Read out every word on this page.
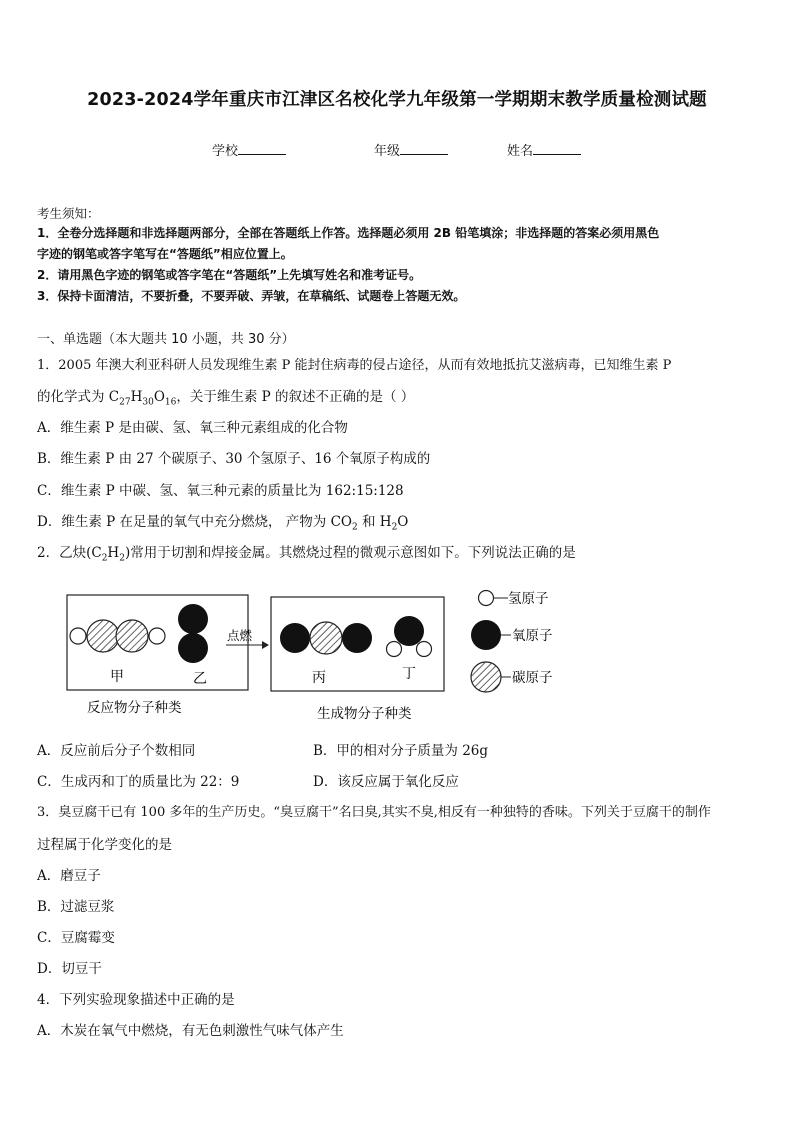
2023-2024学年重庆市江津区名校化学九年级第一学期期末教学质量检测试题
学校	年级	姓名
考生须知：
1．全卷分选择题和非选择题两部分，全部在答题纸上作答。选择题必须用 2B 铅笔填涂；非选择题的答案必须用黑色
字迹的钢笔或答字笔写在“答题纸”相应位置上。
2．请用黑色字迹的钢笔或答字笔在“答题纸”上先填写姓名和准考证号。
3．保持卡面清洁，不要折叠，不要弄破、弄皱，在草稿纸、试题卷上答题无效。
一、单选题（本大题共 10 小题，共 30 分）
1．2005 年澳大利亚科研人员发现维生素 P 能封住病毒的侵占途径，从而有效地抵抗艾滋病毒，已知维生素 P
的化学式为 $C_{27}H_{30}O_{16}$，关于维生素 P 的叙述不正确的是（ ）
A．维生素 P 是由碳、氢、氧三种元素组成的化合物
B．维生素 P 由 27 个碳原子、30 个氢原子、16 个氧原子构成的
C．维生素 P 中碳、氢、氧三种元素的质量比为 162:15:128
D．维生素 P 在足量的氧气中充分燃烧， 产物为 $CO_2$ 和 $H_2O$
2．乙炔$(C_2H_2)$常用于切割和焊接金属。其燃烧过程的微观示意图如下。下列说法正确的是
甲	乙
点燃
丙	丁
反应物分子种类	生成物分子种类
氢原子
氧原子
碳原子
A．反应前后分子个数相同	B．甲的相对分子质量为 26g
C．生成丙和丁的质量比为 22：9	D．该反应属于氧化反应
3．臭豆腐干已有 100 多年的生产历史。“臭豆腐干”名曰臭,其实不臭,相反有一种独特的香味。下列关于豆腐干的制作
过程属于化学变化的是
A．磨豆子
B．过滤豆浆
C．豆腐霉变
D．切豆干
4．下列实验现象描述中正确的是
A．木炭在氧气中燃烧，有无色刺激性气味气体产生
